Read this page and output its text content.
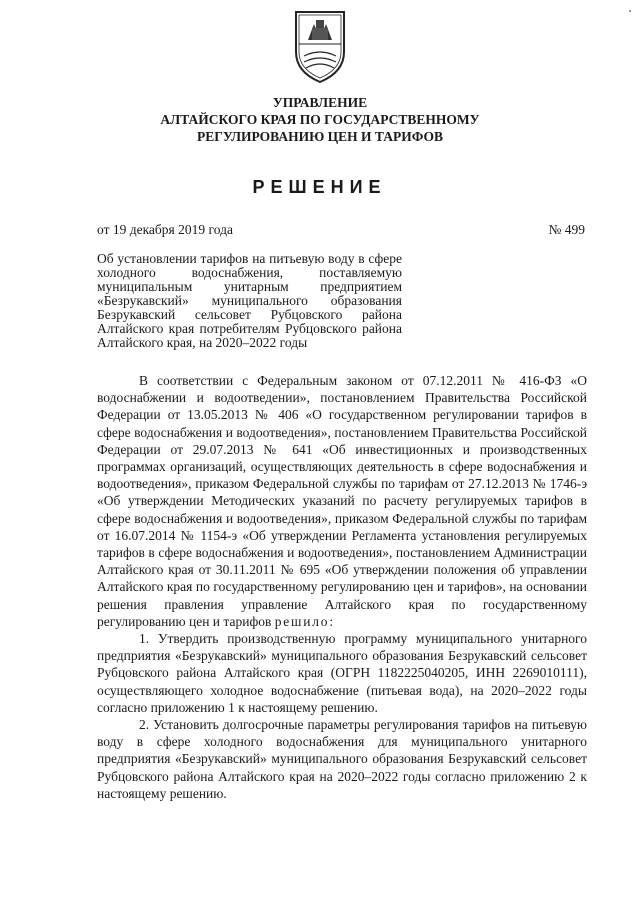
УПРАВЛЕНИЕ
АЛТАЙСКОГО КРАЯ ПО ГОСУДАРСТВЕННОМУ
РЕГУЛИРОВАНИЮ ЦЕН И ТАРИФОВ
РЕШЕНИЕ
от 19 декабря 2019 года	№ 499
Об установлении тарифов на питьевую воду в сфере холодного водоснабжения, поставляемую муниципальным унитарным предприятием «Безрукавский» муниципального образования Безрукавский сельсовет Рубцовского района Алтайского края потребителям Рубцовского района Алтайского края, на 2020–2022 годы

В соответствии с Федеральным законом от 07.12.2011 № 416-ФЗ «О водоснабжении и водоотведении», постановлением Правительства Российской Федерации от 13.05.2013 № 406 «О государственном регулировании тарифов в сфере водоснабжения и водоотведения», постановлением Правительства Российской Федерации от 29.07.2013 № 641 «Об инвестиционных и производственных программах организаций, осуществляющих деятельность в сфере водоснабжения и водоотведения», приказом Федеральной службы по тарифам от 27.12.2013 № 1746-э «Об утверждении Методических указаний по расчету регулируемых тарифов в сфере водоснабжения и водоотведения», приказом Федеральной службы по тарифам от 16.07.2014 № 1154-э «Об утверждении Регламента установления регулируемых тарифов в сфере водоснабжения и водоотведения», постановлением Администрации Алтайского края от 30.11.2011 № 695 «Об утверждении положения об управлении Алтайского края по государственному регулированию цен и тарифов», на основании решения правления управление Алтайского края по государственному регулированию цен и тарифов решило:

1. Утвердить производственную программу муниципального унитарного предприятия «Безрукавский» муниципального образования Безрукавский сельсовет Рубцовского района Алтайского края (ОГРН 1182225040205, ИНН 2269010111), осуществляющего холодное водоснабжение (питьевая вода), на 2020–2022 годы согласно приложению 1 к настоящему решению.

2. Установить долгосрочные параметры регулирования тарифов на питьевую воду в сфере холодного водоснабжения для муниципального унитарного предприятия «Безрукавский» муниципального образования Безрукавский сельсовет Рубцовского района Алтайского края на 2020–2022 годы согласно приложению 2 к настоящему решению.
